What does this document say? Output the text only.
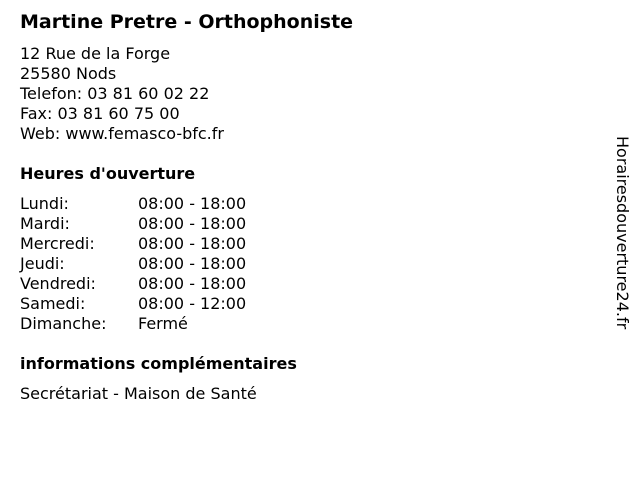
Martine Pretre - Orthophoniste
12 Rue de la Forge
25580 Nods
Telefon: 03 81 60 02 22
Fax: 03 81 60 75 00
Web: www.femasco-bfc.fr
Heures d'ouverture
Lundi:	08:00 - 18:00
Mardi:	08:00 - 18:00
Mercredi:	08:00 - 18:00
Jeudi:	08:00 - 18:00
Vendredi:	08:00 - 18:00
Samedi:	08:00 - 12:00
Dimanche:	Fermé
informations complémentaires
Secrétariat - Maison de Santé
Horairesdouverture24.fr
